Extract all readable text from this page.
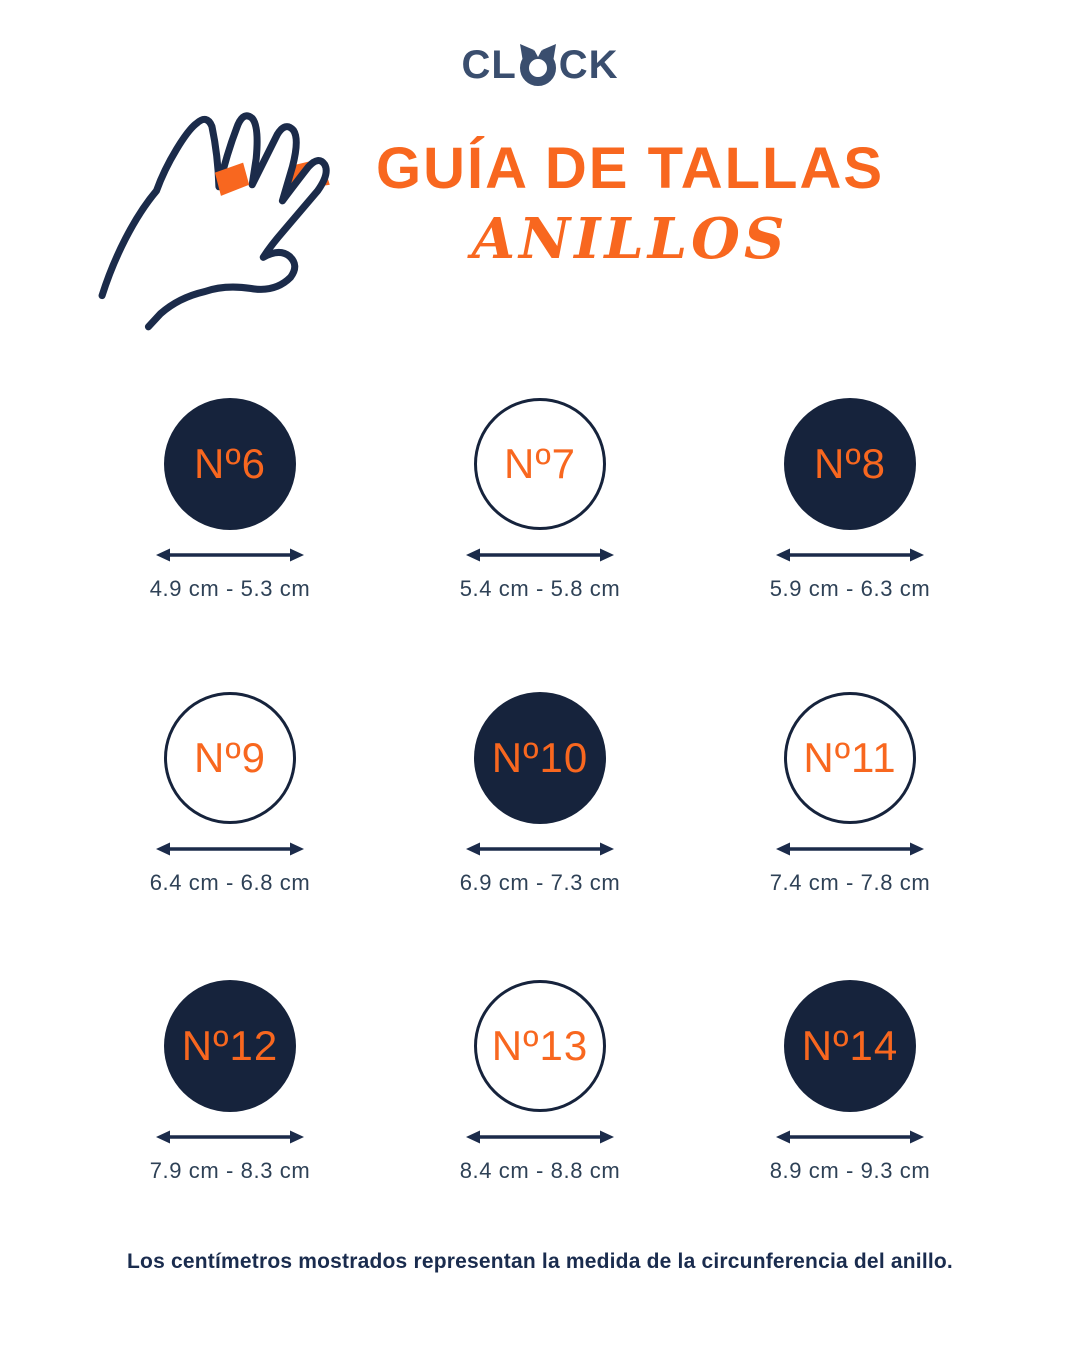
CL CK
GUÍA DE TALLAS
ANILLOS
Nº6
4.9 cm - 5.3 cm
Nº7
5.4 cm - 5.8 cm
Nº8
5.9 cm - 6.3 cm
Nº9
6.4 cm - 6.8 cm
Nº10
6.9 cm - 7.3 cm
Nº11
7.4 cm - 7.8 cm
Nº12
7.9 cm - 8.3 cm
Nº13
8.4 cm - 8.8 cm
Nº14
8.9 cm - 9.3 cm
Los centímetros mostrados representan la medida de la circunferencia del anillo.
